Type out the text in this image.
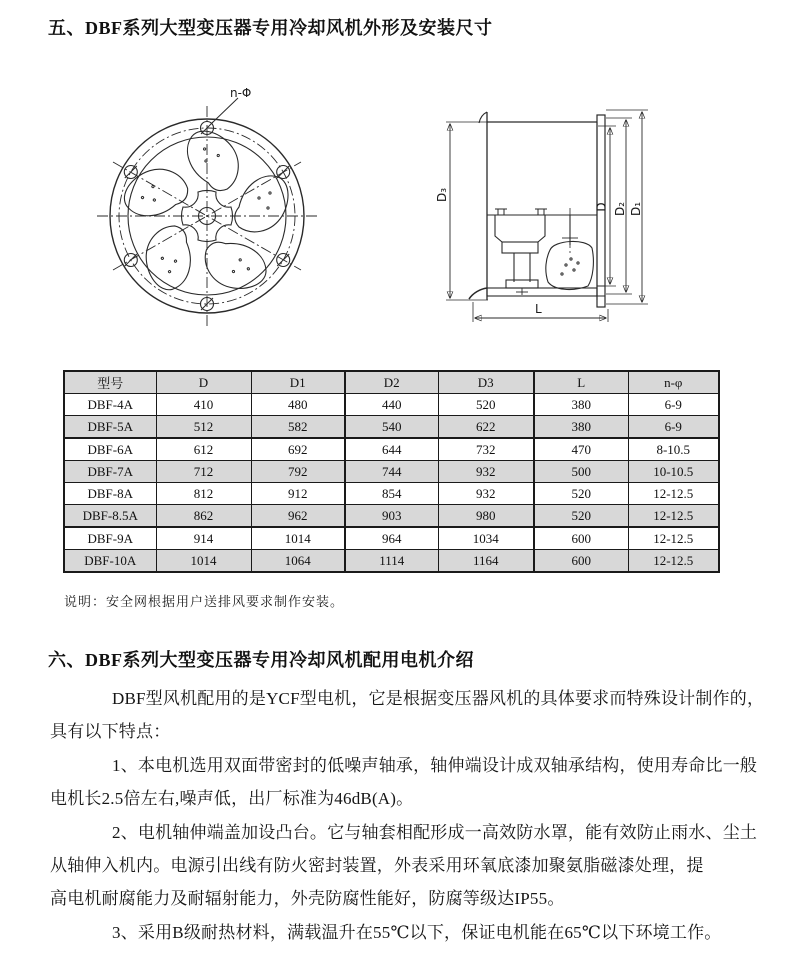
五、DBF系列大型变压器专用冷却风机外形及安装尺寸
n-Φ
D₃
D D₂ D₁
L
型号	D	D1	D2	D3	L	n-φ
DBF-4A	410	480	440	520	380	6-9
DBF-5A	512	582	540	622	380	6-9
DBF-6A	612	692	644	732	470	8-10.5
DBF-7A	712	792	744	932	500	10-10.5
DBF-8A	812	912	854	932	520	12-12.5
DBF-8.5A	862	962	903	980	520	12-12.5
DBF-9A	914	1014	964	1034	600	12-12.5
DBF-10A	1014	1064	1114	1164	600	12-12.5
说明：安全网根据用户送排风要求制作安装。
六、DBF系列大型变压器专用冷却风机配用电机介绍
DBF型风机配用的是YCF型电机，它是根据变压器风机的具体要求而特殊设计制作的，
具有以下特点：
1、本电机选用双面带密封的低噪声轴承，轴伸端设计成双轴承结构，使用寿命比一般
电机长2.5倍左右,噪声低，出厂标准为46dB(A)。
2、电机轴伸端盖加设凸台。它与轴套相配形成一高效防水罩，能有效防止雨水、尘土
从轴伸入机内。电源引出线有防火密封装置，外表采用环氧底漆加聚氨脂磁漆处理，提
高电机耐腐能力及耐辐射能力，外壳防腐性能好，防腐等级达IP55。
3、采用B级耐热材料，满载温升在55℃以下，保证电机能在65℃以下环境工作。
